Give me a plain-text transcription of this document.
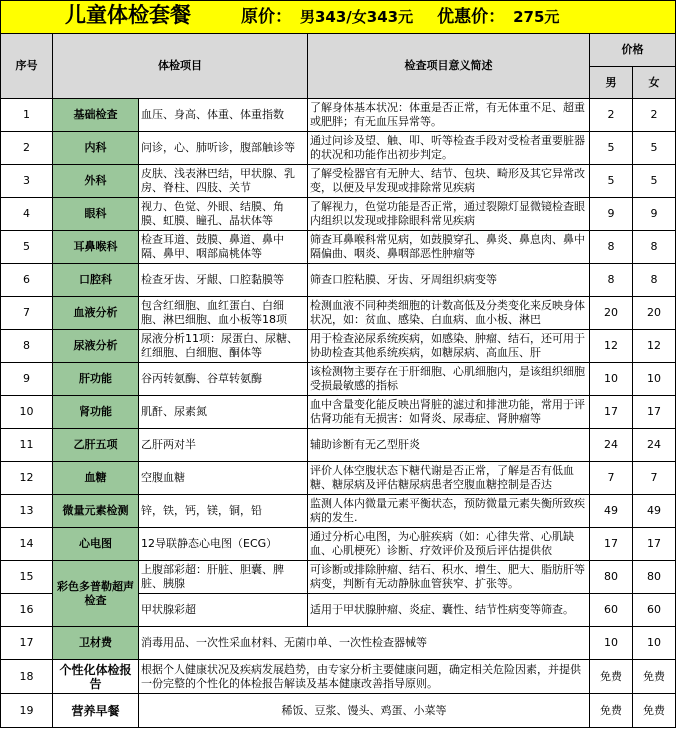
儿童体检套餐 原价： 男343/女343元 优惠价： 275元					
序号	体检项目		检查项目意义简述	价格	
				男	女
1	基础检查	血压、身高、体重、体重指数	了解身体基本状况：体重是否正常，有无体重不足、超重或肥胖；有无血压异常等。	2	2
2	内科	问诊，心、肺听诊，腹部触诊等	通过问诊及望、触、叩、听等检查手段对受检者重要脏器的状况和功能作出初步判定。	5	5
3	外科	皮肤、浅表淋巴结，甲状腺、乳房、脊柱、四肢、关节	了解受检器官有无肿大、结节、包块、畸形及其它异常改变，以便及早发现或排除常见疾病	5	5
4	眼科	视力、色觉、外眼、结膜、角膜、虹膜、瞳孔、晶状体等	了解视力，色觉功能是否正常，通过裂隙灯显微镜检查眼内组织以发现或排除眼科常见疾病	9	9
5	耳鼻喉科	检查耳道、鼓膜、鼻道、鼻中隔、鼻甲、咽部扁桃体等	筛查耳鼻喉科常见病，如鼓膜穿孔、鼻炎、鼻息肉、鼻中隔偏曲、咽炎、鼻咽部恶性肿瘤等	8	8
6	口腔科	检查牙齿、牙龈、口腔黏膜等	筛查口腔粘膜、牙齿、牙周组织病变等	8	8
7	血液分析	包含红细胞、血红蛋白、白细胞、淋巴细胞、血小板等18项	检测血液不同种类细胞的计数高低及分类变化来反映身体状况，如：贫血、感染、白血病、血小板、淋巴	20	20
8	尿液分析	尿液分析11项：尿蛋白、尿糖、红细胞、白细胞、酮体等	用于检查泌尿系统疾病，如感染、肿瘤、结石，还可用于协助检查其他系统疾病，如糖尿病、高血压、肝	12	12
9	肝功能	谷丙转氨酶、谷草转氨酶	该检测物主要存在于肝细胞、心肌细胞内，是该组织细胞受损最敏感的指标	10	10
10	肾功能	肌酐、尿素氮	血中含量变化能反映出肾脏的滤过和排泄功能，常用于评估肾功能有无损害：如肾炎、尿毒症、肾肿瘤等	17	17
11	乙肝五项	乙肝两对半	辅助诊断有无乙型肝炎	24	24
12	血糖	空腹血糖	评价人体空腹状态下糖代谢是否正常，了解是否有低血糖、糖尿病及评估糖尿病患者空腹血糖控制是否达	7	7
13	微量元素检测	锌，铁，钙，镁，铜，铅	监测人体内微量元素平衡状态，预防微量元素失衡所致疾病的发生.	49	49
14	心电图	12导联静态心电图（ECG）	通过分析心电图，为心脏疾病（如：心律失常、心肌缺血、心肌梗死）诊断、疗效评价及预后评估提供依	17	17
15	彩色多普勒超声检查	上腹部彩超：肝脏、胆囊、脾脏、胰腺	可诊断或排除肿瘤、结石、积水、增生、肥大、脂肪肝等病变，判断有无动静脉血管狭窄、扩张等。	80	80
16		甲状腺彩超	适用于甲状腺肿瘤、炎症、囊性、结节性病变等筛查。	60	60
17	卫材费	消毒用品、一次性采血材料、无菌巾单、一次性检查器械等		10	10
18	个性化体检报告	根据个人健康状况及疾病发展趋势，由专家分析主要健康问题，确定相关危险因素，并提供一份完整的个性化的体检报告解读及基本健康改善指导原则。		免费	免费
19	营养早餐	稀饭、豆浆、馒头、鸡蛋、小菜等		免费	免费
